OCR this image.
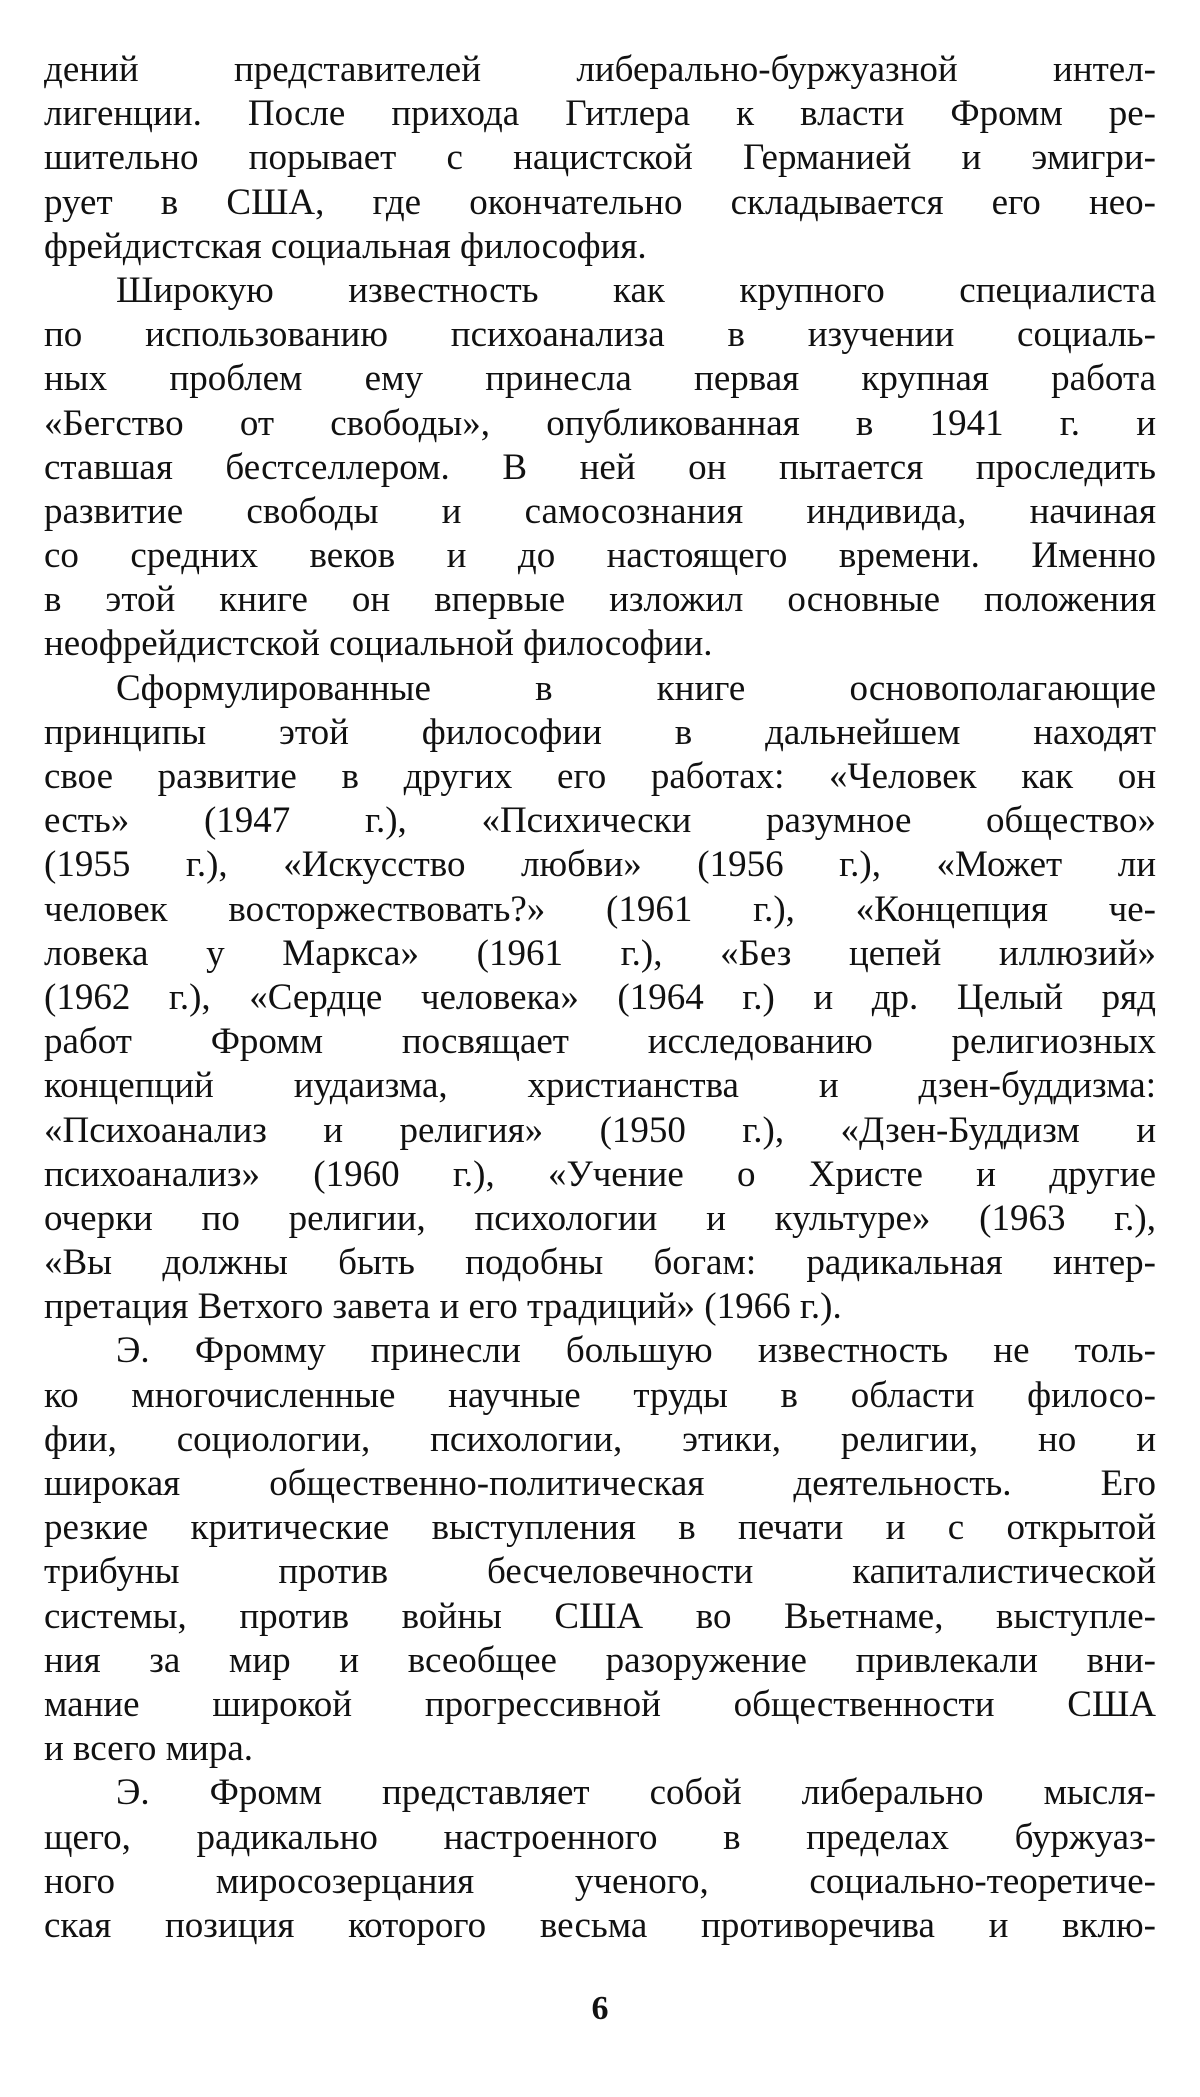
дений представителей либерально-буржуазной интел-
лигенции. После прихода Гитлера к власти Фромм ре-
шительно порывает с нацистской Германией и эмигри-
рует в США, где окончательно складывается его нео-
фрейдистская социальная философия.
Широкую известность как крупного специалиста
по использованию психоанализа в изучении социаль-
ных проблем ему принесла первая крупная работа
«Бегство от свободы», опубликованная в 1941 г. и
ставшая бестселлером. В ней он пытается проследить
развитие свободы и самосознания индивида, начиная
со средних веков и до настоящего времени. Именно
в этой книге он впервые изложил основные положения
неофрейдистской социальной философии.
Сформулированные в книге основополагающие
принципы этой философии в дальнейшем находят
свое развитие в других его работах: «Человек как он
есть» (1947 г.), «Психически разумное общество»
(1955 г.), «Искусство любви» (1956 г.), «Может ли
человек восторжествовать?» (1961 г.), «Концепция че-
ловека у Маркса» (1961 г.), «Без цепей иллюзий»
(1962 г.), «Сердце человека» (1964 г.) и др. Целый ряд
работ Фромм посвящает исследованию религиозных
концепций иудаизма, христианства и дзен-буддизма:
«Психоанализ и религия» (1950 г.), «Дзен-Буддизм и
психоанализ» (1960 г.), «Учение о Христе и другие
очерки по религии, психологии и культуре» (1963 г.),
«Вы должны быть подобны богам: радикальная интер-
претация Ветхого завета и его традиций» (1966 г.).
Э. Фромму принесли большую известность не толь-
ко многочисленные научные труды в области филосо-
фии, социологии, психологии, этики, религии, но и
широкая общественно-политическая деятельность. Его
резкие критические выступления в печати и с открытой
трибуны против бесчеловечности капиталистической
системы, против войны США во Вьетнаме, выступле-
ния за мир и всеобщее разоружение привлекали вни-
мание широкой прогрессивной общественности США
и всего мира.
Э. Фромм представляет собой либерально мысля-
щего, радикально настроенного в пределах буржуаз-
ного миросозерцания ученого, социально-теоретиче-
ская позиция которого весьма противоречива и вклю-
6
